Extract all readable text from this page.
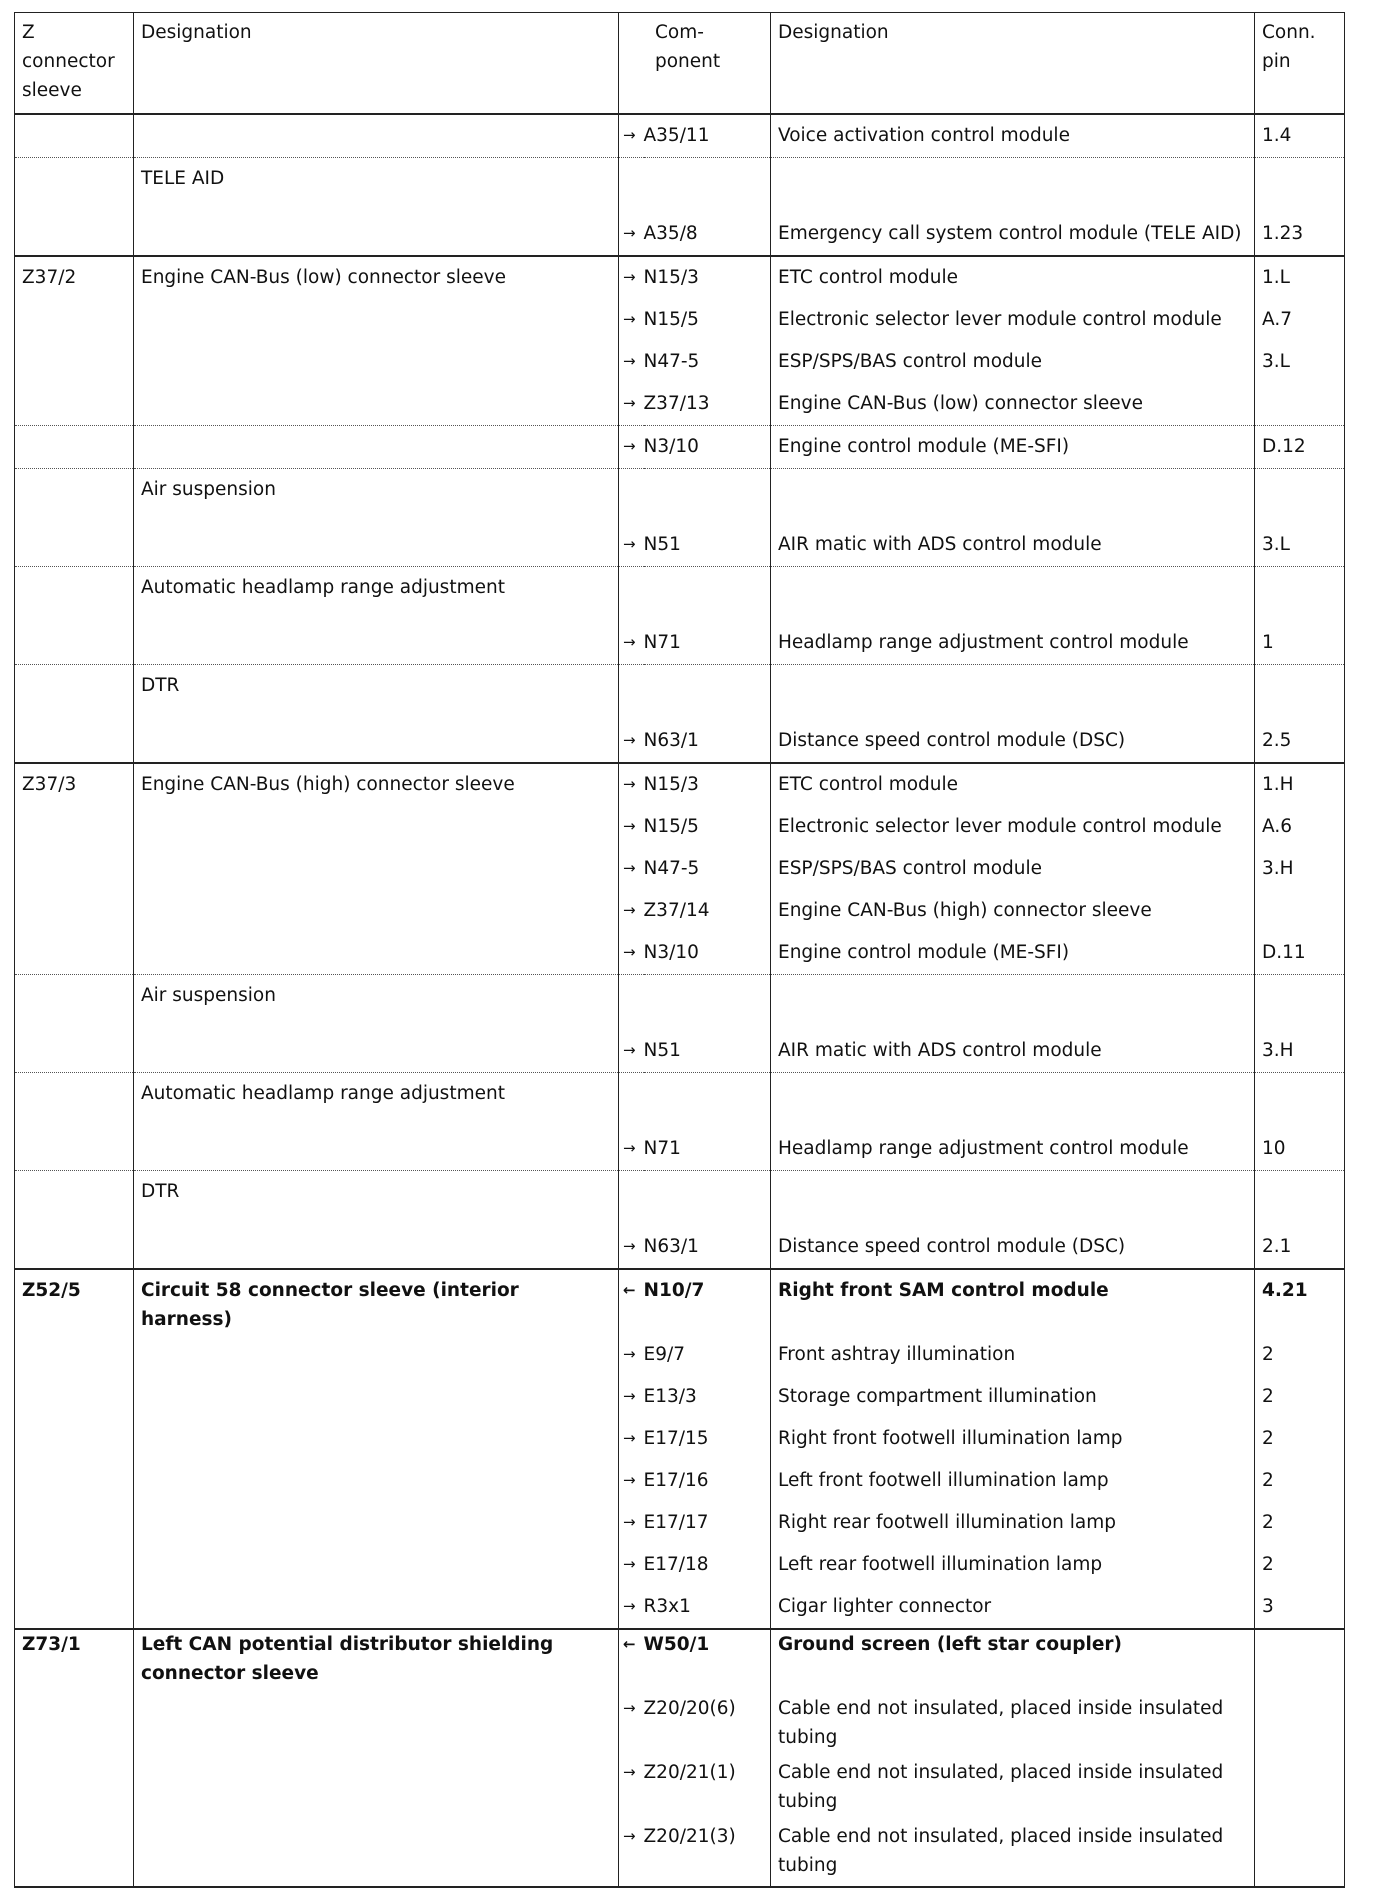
Z connector sleeve	Designation	Com- ponent		Designation	Conn. pin
		→	A35/11	Voice activation control module	1.4
	TELE AID				
		→	A35/8	Emergency call system control module (TELE AID)	1.23
Z37/2	Engine CAN-Bus (low) connector sleeve	→	N15/3	ETC control module	1.L
		→	N15/5	Electronic selector lever module control module	A.7
		→	N47-5	ESP/SPS/BAS control module	3.L
		→	Z37/13	Engine CAN-Bus (low) connector sleeve	
		→	N3/10	Engine control module (ME-SFI)	D.12
	Air suspension				
		→	N51	AIR matic with ADS control module	3.L
	Automatic headlamp range adjustment				
		→	N71	Headlamp range adjustment control module	1
	DTR				
		→	N63/1	Distance speed control module (DSC)	2.5
Z37/3	Engine CAN-Bus (high) connector sleeve	→	N15/3	ETC control module	1.H
		→	N15/5	Electronic selector lever module control module	A.6
		→	N47-5	ESP/SPS/BAS control module	3.H
		→	Z37/14	Engine CAN-Bus (high) connector sleeve	
		→	N3/10	Engine control module (ME-SFI)	D.11
	Air suspension				
		→	N51	AIR matic with ADS control module	3.H
	Automatic headlamp range adjustment				
		→	N71	Headlamp range adjustment control module	10
	DTR				
		→	N63/1	Distance speed control module (DSC)	2.1
Z52/5	Circuit 58 connector sleeve (interior harness)	←	N10/7	Right front SAM control module	4.21
		→	E9/7	Front ashtray illumination	2
		→	E13/3	Storage compartment illumination	2
		→	E17/15	Right front footwell illumination lamp	2
		→	E17/16	Left front footwell illumination lamp	2
		→	E17/17	Right rear footwell illumination lamp	2
		→	E17/18	Left rear footwell illumination lamp	2
		→	R3x1	Cigar lighter connector	3
Z73/1	Left CAN potential distributor shielding connector sleeve	←	W50/1	Ground screen (left star coupler)	
		→	Z20/20(6)	Cable end not insulated, placed inside insulated tubing	
		→	Z20/21(1)	Cable end not insulated, placed inside insulated tubing	
		→	Z20/21(3)	Cable end not insulated, placed inside insulated tubing	
